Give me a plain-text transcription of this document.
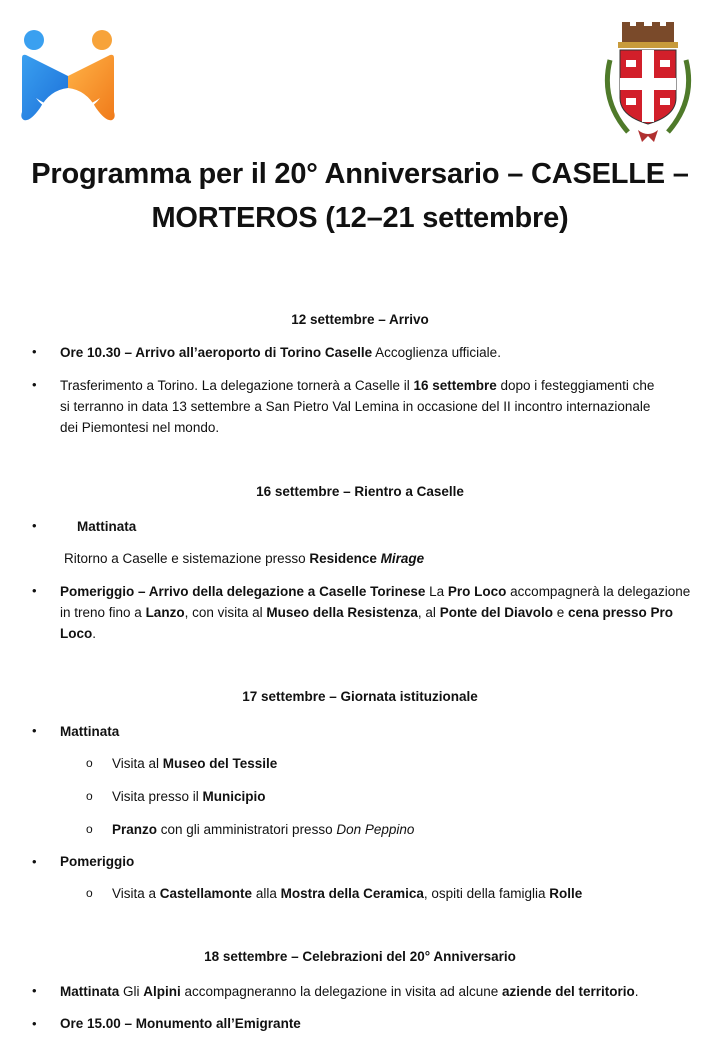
Programma per il 20° Anniversario – CASELLE –
MORTEROS (12–21 settembre)
12 settembre – Arrivo
• Ore 10.30 – Arrivo all’aeroporto di Torino Caselle Accoglienza ufficiale.
• Trasferimento a Torino. La delegazione tornerà a Caselle il 16 settembre dopo i festeggiamenti che
si terranno in data 13 settembre a San Pietro Val Lemina in occasione del II incontro internazionale
dei Piemontesi nel mondo.
16 settembre – Rientro a Caselle
•	Mattinata
Ritorno a Caselle e sistemazione presso Residence Mirage
• Pomeriggio – Arrivo della delegazione a Caselle Torinese La Pro Loco accompagnerà la delegazione
in treno fino a Lanzo, con visita al Museo della Resistenza, al Ponte del Diavolo e cena presso Pro
Loco.
17 settembre – Giornata istituzionale
• Mattinata
o Visita al Museo del Tessile
o Visita presso il Municipio
o Pranzo con gli amministratori presso Don Peppino
• Pomeriggio
o Visita a Castellamonte alla Mostra della Ceramica, ospiti della famiglia Rolle
18 settembre – Celebrazioni del 20° Anniversario
• Mattinata Gli Alpini accompagneranno la delegazione in visita ad alcune aziende del territorio.
• Ore 15.00 – Monumento all’Emigrante
